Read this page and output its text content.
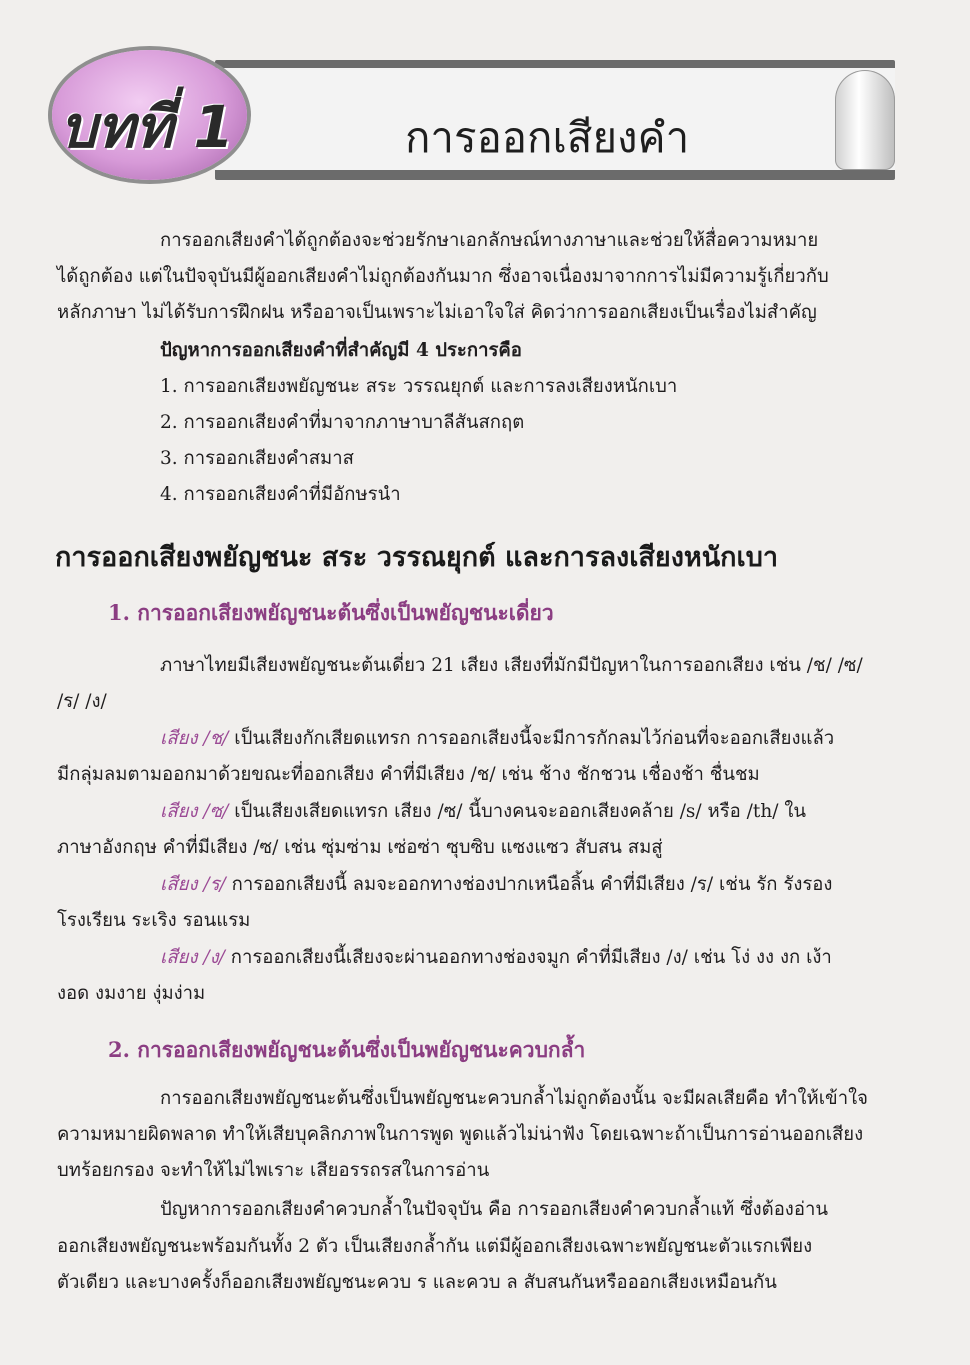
บทที่ 1	การออกเสียงคำ
การออกเสียงคำได้ถูกต้องจะช่วยรักษาเอกลักษณ์ทางภาษาและช่วยให้สื่อความหมาย
ได้ถูกต้อง แต่ในปัจจุบันมีผู้ออกเสียงคำไม่ถูกต้องกันมาก ซึ่งอาจเนื่องมาจากการไม่มีความรู้เกี่ยวกับ
หลักภาษา ไม่ได้รับการฝึกฝน หรืออาจเป็นเพราะไม่เอาใจใส่ คิดว่าการออกเสียงเป็นเรื่องไม่สำคัญ
ปัญหาการออกเสียงคำที่สำคัญมี 4 ประการคือ
1. การออกเสียงพยัญชนะ สระ วรรณยุกต์ และการลงเสียงหนักเบา
2. การออกเสียงคำที่มาจากภาษาบาลีสันสกฤต
3. การออกเสียงคำสมาส
4. การออกเสียงคำที่มีอักษรนำ
การออกเสียงพยัญชนะ สระ วรรณยุกต์ และการลงเสียงหนักเบา
1. การออกเสียงพยัญชนะต้นซึ่งเป็นพยัญชนะเดี่ยว
ภาษาไทยมีเสียงพยัญชนะต้นเดี่ยว 21 เสียง เสียงที่มักมีปัญหาในการออกเสียง เช่น /ช/ /ซ/
/ร/ /ง/
เสียง /ช/ เป็นเสียงกักเสียดแทรก การออกเสียงนี้จะมีการกักลมไว้ก่อนที่จะออกเสียงแล้ว
มีกลุ่มลมตามออกมาด้วยขณะที่ออกเสียง คำที่มีเสียง /ช/ เช่น ช้าง ชักชวน เชื่องช้า ชื่นชม
เสียง /ซ/ เป็นเสียงเสียดแทรก เสียง /ซ/ นี้บางคนจะออกเสียงคล้าย /s/ หรือ /th/ ใน
ภาษาอังกฤษ คำที่มีเสียง /ซ/ เช่น ซุ่มซ่าม เซ่อซ่า ซุบซิบ แซงแซว สับสน สมสู่
เสียง /ร/ การออกเสียงนี้ ลมจะออกทางช่องปากเหนือลิ้น คำที่มีเสียง /ร/ เช่น รัก รังรอง
โรงเรียน ระเริง รอนแรม
เสียง /ง/ การออกเสียงนี้เสียงจะผ่านออกทางช่องจมูก คำที่มีเสียง /ง/ เช่น โง่ งง งก เง้า
งอด งมงาย งุ่มง่าม
2. การออกเสียงพยัญชนะต้นซึ่งเป็นพยัญชนะควบกล้ำ
การออกเสียงพยัญชนะต้นซึ่งเป็นพยัญชนะควบกล้ำไม่ถูกต้องนั้น จะมีผลเสียคือ ทำให้เข้าใจ
ความหมายผิดพลาด ทำให้เสียบุคลิกภาพในการพูด พูดแล้วไม่น่าฟัง โดยเฉพาะถ้าเป็นการอ่านออกเสียง
บทร้อยกรอง จะทำให้ไม่ไพเราะ เสียอรรถรสในการอ่าน
ปัญหาการออกเสียงคำควบกล้ำในปัจจุบัน คือ การออกเสียงคำควบกล้ำแท้ ซึ่งต้องอ่าน
ออกเสียงพยัญชนะพร้อมกันทั้ง 2 ตัว เป็นเสียงกล้ำกัน แต่มีผู้ออกเสียงเฉพาะพยัญชนะตัวแรกเพียง
ตัวเดียว และบางครั้งก็ออกเสียงพยัญชนะควบ ร และควบ ล สับสนกันหรือออกเสียงเหมือนกัน
